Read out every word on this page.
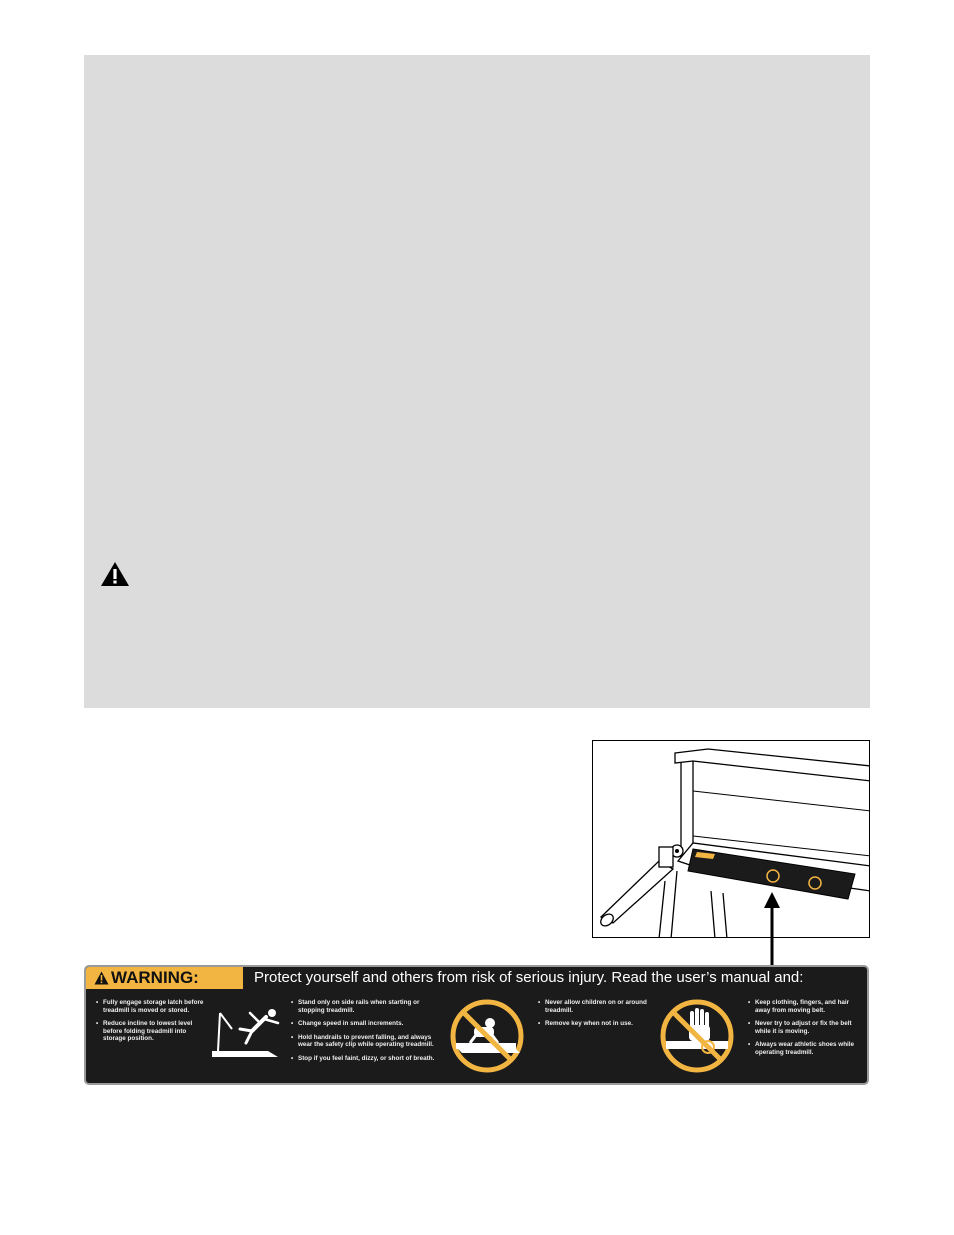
WARNING:	Protect yourself and others from risk of serious injury. Read the user’s manual and:
• Fully engage storage latch before treadmill is moved or stored.
• Reduce incline to lowest level before folding treadmill into storage position.
• Stand only on side rails when starting or stopping treadmill.
• Change speed in small increments.
• Hold handrails to prevent falling, and always wear the safety clip while operating treadmill.
• Stop if you feel faint, dizzy, or short of breath.
• Never allow children on or around treadmill.
• Remove key when not in use.
• Keep clothing, fingers, and hair away from moving belt.
• Never try to adjust or fix the belt while it is moving.
• Always wear athletic shoes while operating treadmill.
